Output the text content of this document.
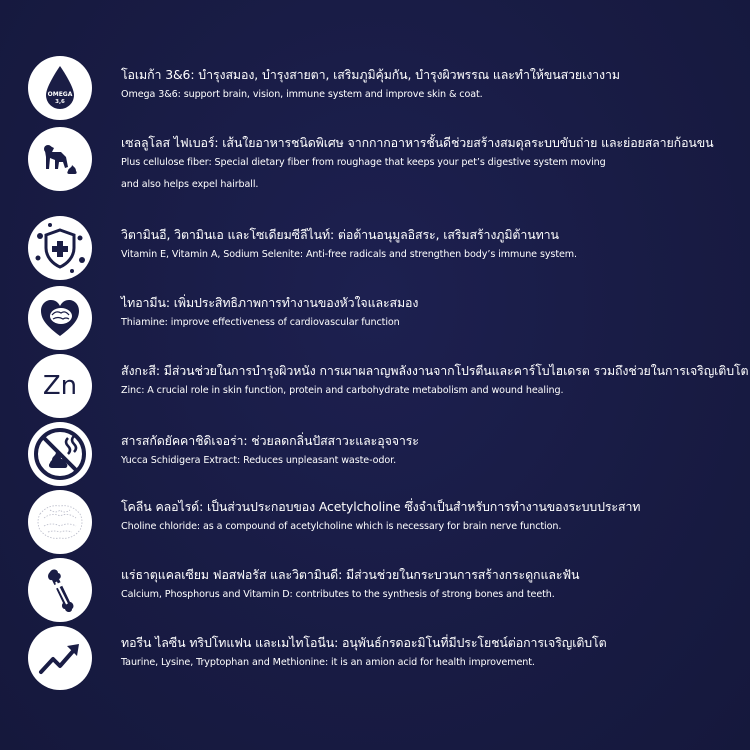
OMEGA
3,6
โอเมก้า 3&6: บำรุงสมอง, บำรุงสายตา, เสริมภูมิคุ้มกัน, บำรุงผิวพรรณ และทำให้ขนสวยเงางาม
Omega 3&6: support brain, vision, immune system and improve skin & coat.
เซลลูโลส ไฟเบอร์: เส้นใยอาหารชนิดพิเศษ จากกากอาหารชั้นดีช่วยสร้างสมดุลระบบขับถ่าย และย่อยสลายก้อนขน
Plus cellulose fiber: Special dietary fiber from roughage that keeps your pet’s digestive system moving
and also helps expel hairball.
วิตามินอี, วิตามินเอ และโซเดียมซีลีไนท์: ต่อต้านอนุมูลอิสระ, เสริมสร้างภูมิต้านทาน
Vitamin E, Vitamin A, Sodium Selenite: Anti-free radicals and strengthen body’s immune system.
ไทอามีน: เพิ่มประสิทธิภาพการทำงานของหัวใจและสมอง
Thiamine: improve effectiveness of cardiovascular function
Zn
สังกะสี: มีส่วนช่วยในการบำรุงผิวหนัง การเผาผลาญพลังงานจากโปรตีนและคาร์โบไฮเดรต รวมถึงช่วยในการเจริญเติบโต
Zinc: A crucial role in skin function, protein and carbohydrate metabolism and wound healing.
สารสกัดยัคคาชิดิเจอร่า: ช่วยลดกลิ่นปัสสาวะและอุจจาระ
Yucca Schidigera Extract: Reduces unpleasant waste-odor.
โคลีน คลอไรด์: เป็นส่วนประกอบของ Acetylcholine ซึ่งจำเป็นสำหรับการทำงานของระบบประสาท
Choline chloride: as a compound of acetylcholine which is necessary for brain nerve function.
แร่ธาตุแคลเซียม ฟอสฟอรัส และวิตามินดี: มีส่วนช่วยในกระบวนการสร้างกระดูกและฟัน
Calcium, Phosphorus and Vitamin D: contributes to the synthesis of strong bones and teeth.
ทอรีน ไลซีน ทริปโทแฟน และเมไทโอนีน: อนุพันธ์กรดอะมิโนที่มีประโยชน์ต่อการเจริญเติบโต
Taurine, Lysine, Tryptophan and Methionine: it is an amion acid for health improvement.
